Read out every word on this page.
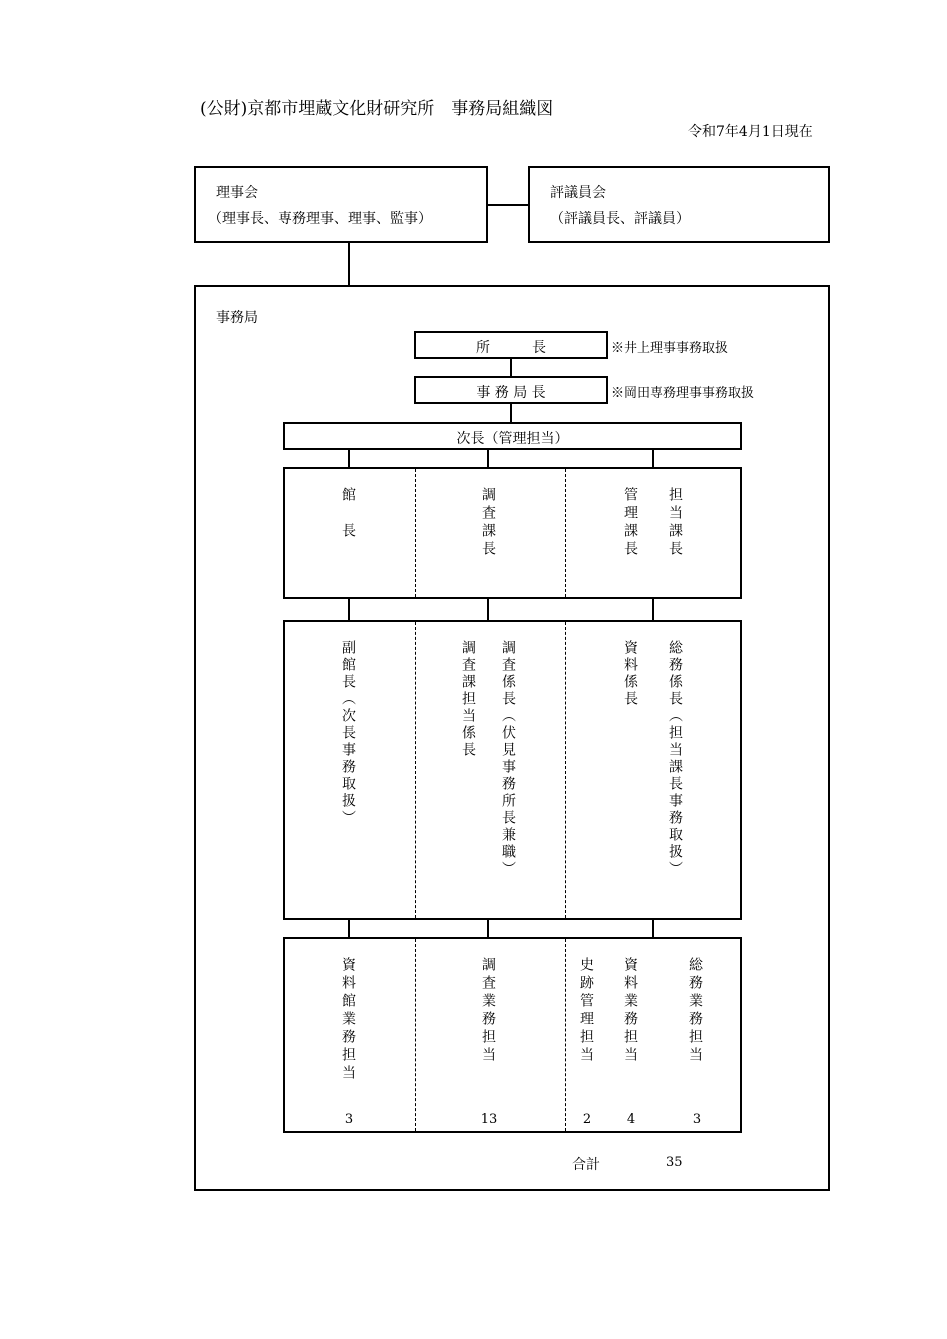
(公財)京都市埋蔵文化財研究所　事務局組織図
令和7年4月1日現在
理事会
（理事長、専務理事、理事、監事）
評議員会
（評議員長、評議員）
事務局
所　　　長	※井上理事事務取扱
事 務 局 長	※岡田専務理事事務取扱
次長（管理担当）
館長	調査課長	管理課長 担当課長
副館長（次長事務取扱）	調査課担当係長 調査係長（伏見事務所長兼職）	資料係長 総務係長（担当課長事務取扱）
資料館業務担当	調査業務担当	史跡管理担当 資料業務担当	総務業務担当
3	13	2	4	3
合計	35
